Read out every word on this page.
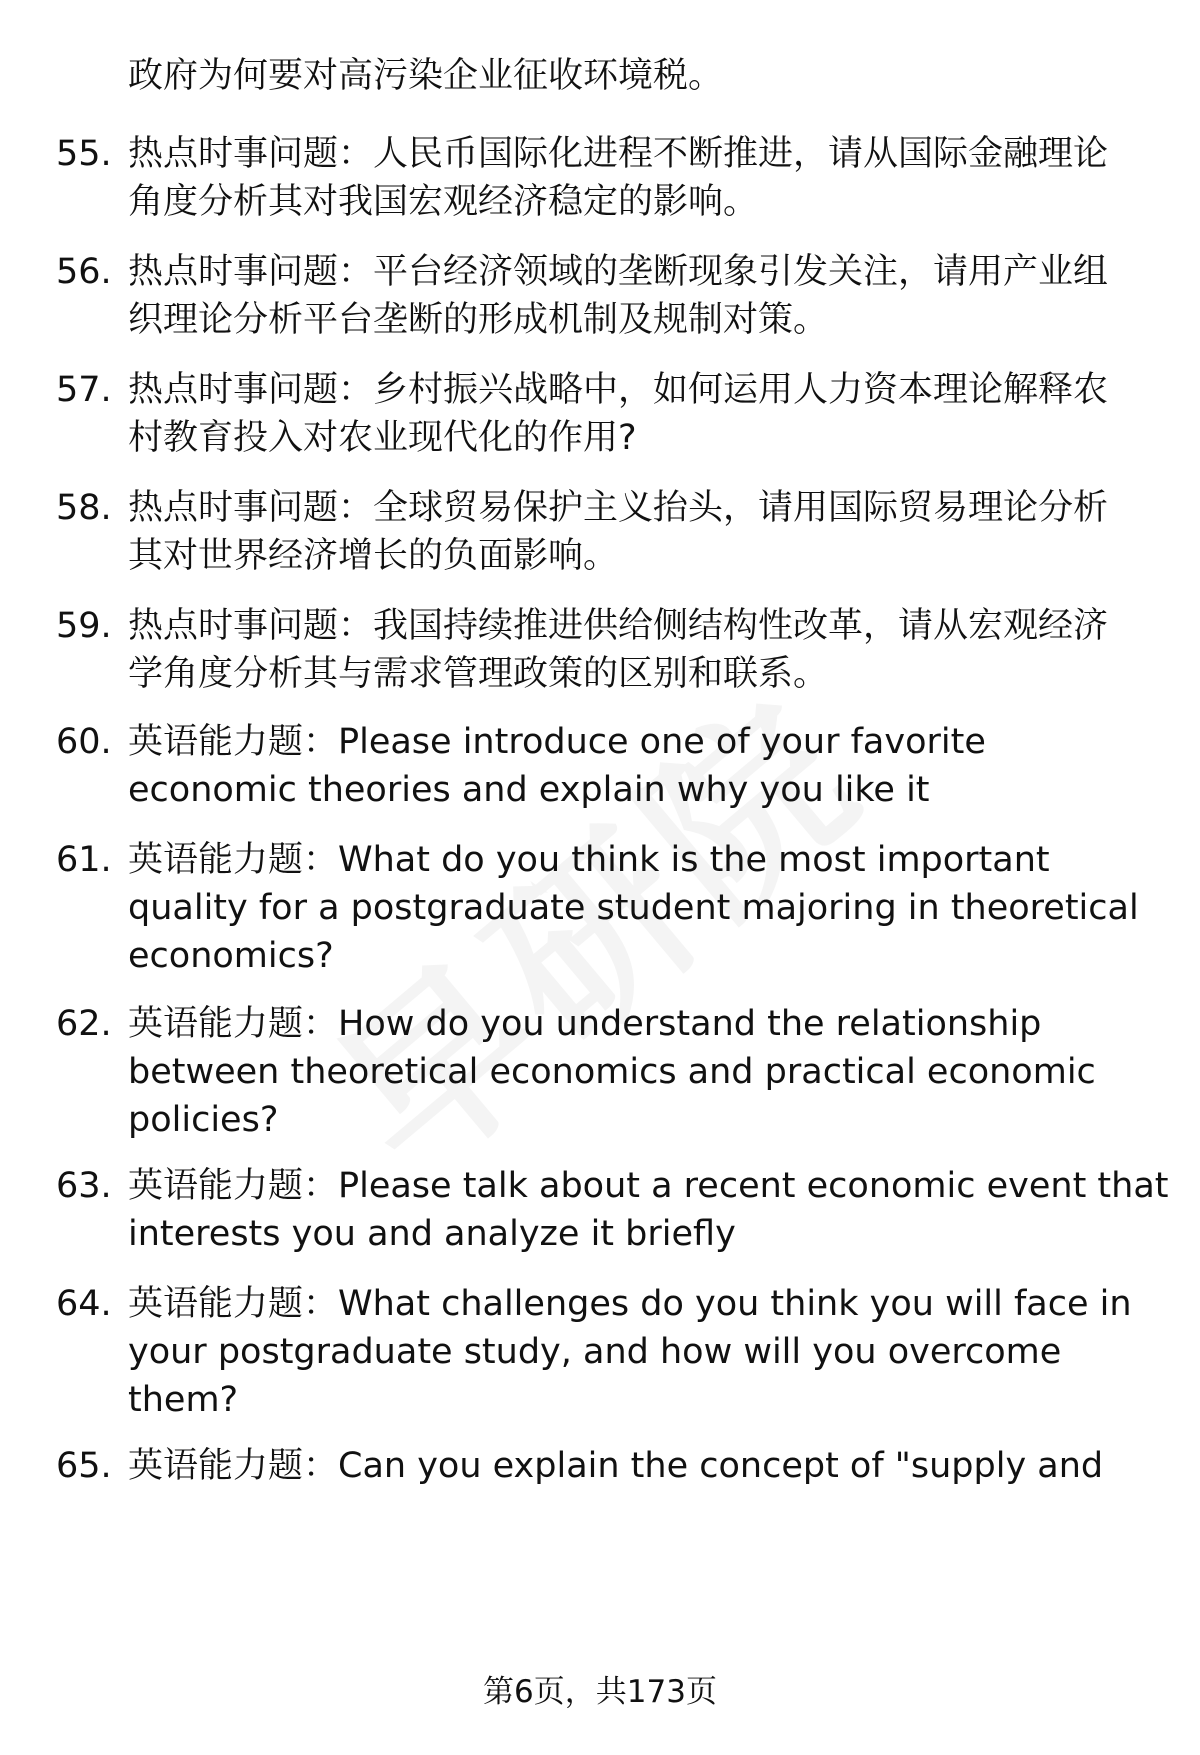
政府为何要对高污染企业征收环境税。
55. 热点时事问题：人民币国际化进程不断推进，请从国际金融理论
角度分析其对我国宏观经济稳定的影响。
56. 热点时事问题：平台经济领域的垄断现象引发关注，请用产业组
织理论分析平台垄断的形成机制及规制对策。
57. 热点时事问题：乡村振兴战略中，如何运用人力资本理论解释农
村教育投入对农业现代化的作用?
58. 热点时事问题：全球贸易保护主义抬头，请用国际贸易理论分析
其对世界经济增长的负面影响。
59. 热点时事问题：我国持续推进供给侧结构性改革，请从宏观经济
学角度分析其与需求管理政策的区别和联系。
60. 英语能力题：Please introduce one of your favorite
economic theories and explain why you like it
61. 英语能力题：What do you think is the most important
quality for a postgraduate student majoring in theoretical
economics?
62. 英语能力题：How do you understand the relationship
between theoretical economics and practical economic
policies?
63. 英语能力题：Please talk about a recent economic event that
interests you and analyze it briefly
64. 英语能力题：What challenges do you think you will face in
your postgraduate study, and how will you overcome
them?
65. 英语能力题：Can you explain the concept of "supply and
第6页，共173页
